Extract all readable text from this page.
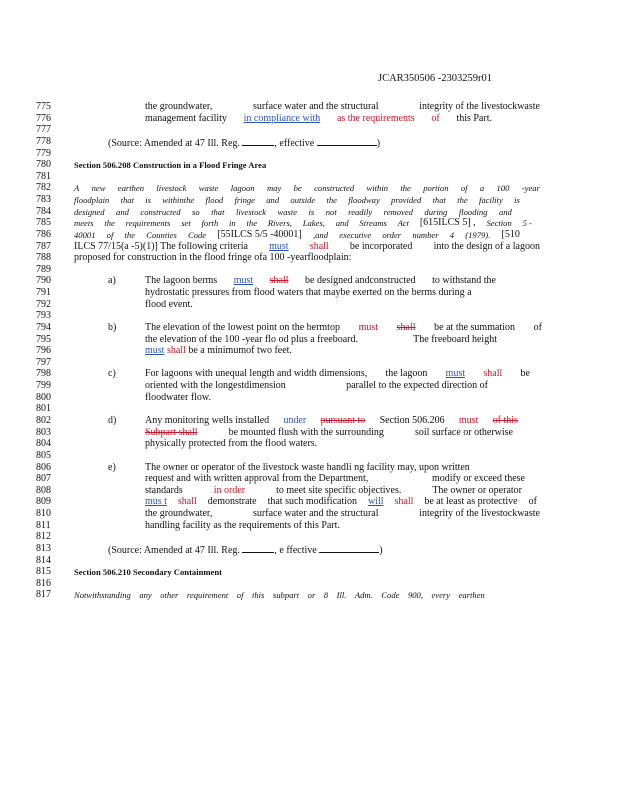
JCAR350506 -2303259r01
775	the groundwater,	surface water and the structural	integrity of the livestockwaste
776	management facility in compliance with as the requirements of this Part.
777
778	(Source: Amended at 47 Ill. Reg.	, effective	)
779
780	Section 506.208 Construction in a Flood Fringe Area
781
782	A new earthen livestock waste lagoon may be constructed within the portion of a 100 -year
783	floodplain that is withinthe flood fringe and outside the floodway provided that the facility is
784	designed and constructed so that livestock waste is not readily removed during flooding and
785	meets the requirements set forth in the Rivers, Lakes, and Streams Act [615ILCS 5] , Section 5 -
786	40001 of the Counties Code [55ILCS 5/5 -40001] ,and executive order number 4 (1979). [510
787	ILCS 77/15(a -5)(1)] The following criteria must shall be incorporated into the design of a lagoon
788	proposed for construction in the flood fringe ofa 100 -yearfloodplain:
789
a)
790	The lagoon berms must shall be designed andconstructed to withstand the
791	hydrostatic pressures from flood waters that maybe exerted on the berms during a
792	flood event.
793
b)
794	The elevation of the lowest point on the bermtop must shall be at the summation of
795	the elevation of the 100 -year flo od plus a freeboard.	The freeboard height
796	must shall be a minimumof two feet.
797
c)
798	For lagoons with unequal length and width dimensions, the lagoon must shall be
799	oriented with the longestdimension	parallel to the expected direction of
800	floodwater flow.
801
d)
802	Any monitoring wells installed under pursuant to Section 506.206 must of this
803	Subpart shall	be mounted flush with the surrounding	soil surface or otherwise
804	physically protected from the flood waters.
805
e)
806	The owner or operator of the livestock waste handli ng facility may, upon written
807	request and with written approval from the Department,	modify or exceed these
808	standards	in order	to meet site specific objectives.	The owner or operator
809	mus t shall demonstrate that such modification will shall be at least as protective of
810	the groundwater,	surface water and the structural	integrity of the livestockwaste
811	handling facility as the requirements of this Part.
812
813	(Source: Amended at 47 Ill. Reg.	, e ffective	)
814
815	Section 506.210 Secondary Containment
816
817	Notwithstanding any other requirement of this subpart or 8 Ill. Adm. Code 900, every earthen
